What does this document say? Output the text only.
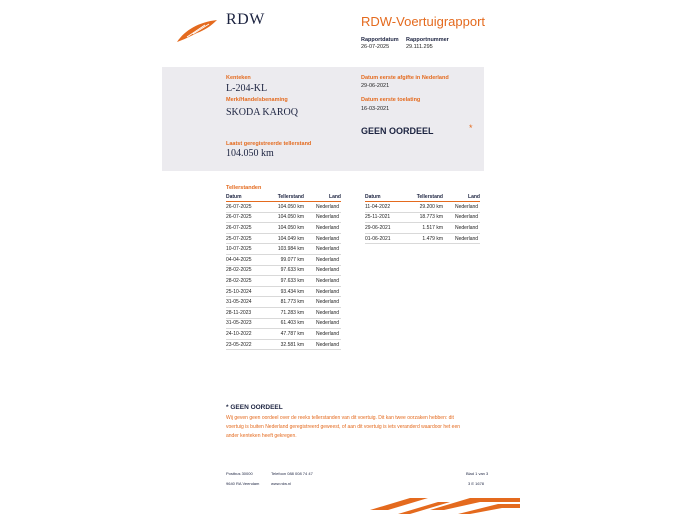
RDW	RDW-Voertuigrapport
Rapportdatum
26-07-2025
Rapportnummer
29.111.295
Kenteken
L-204-KL
Merk/Handelsbenaming
SKODA KAROQ
Laatst geregistreerde tellerstand
104.050 km
Datum eerste afgifte in Nederland
29-06-2021
Datum eerste toelating
16-03-2021
GEEN OORDEEL	*
Tellerstanden
Datum	Tellerstand	Land
26-07-2025	104.050 km	Nederland
26-07-2025	104.050 km	Nederland
26-07-2025	104.050 km	Nederland
25-07-2025	104.049 km	Nederland
10-07-2025	103.984 km	Nederland
04-04-2025	99.077 km	Nederland
28-02-2025	97.633 km	Nederland
28-02-2025	97.633 km	Nederland
25-10-2024	93.434 km	Nederland
31-05-2024	81.773 km	Nederland
28-11-2023	71.283 km	Nederland
31-05-2023	61.403 km	Nederland
24-10-2022	47.787 km	Nederland
23-05-2022	32.581 km	Nederland
Datum	Tellerstand	Land
11-04-2022	29.200 km	Nederland
25-11-2021	18.773 km	Nederland
29-06-2021	1.517 km	Nederland
01-06-2021	1.479 km	Nederland
* GEEN OORDEEL
Wij geven geen oordeel over de reeks tellerstanden van dit voertuig. Dit kan twee oorzaken hebben: dit
voertuig is buiten Nederland geregistreerd geweest, of aan dit voertuig is iets veranderd waardoor het een
ander kenteken heeft gekregen.
Postbus 30000
9640 RA Veendam
Telefoon 088 008 74 47
www.rdw.nl
Blad 1 van 3
3 E 1678
